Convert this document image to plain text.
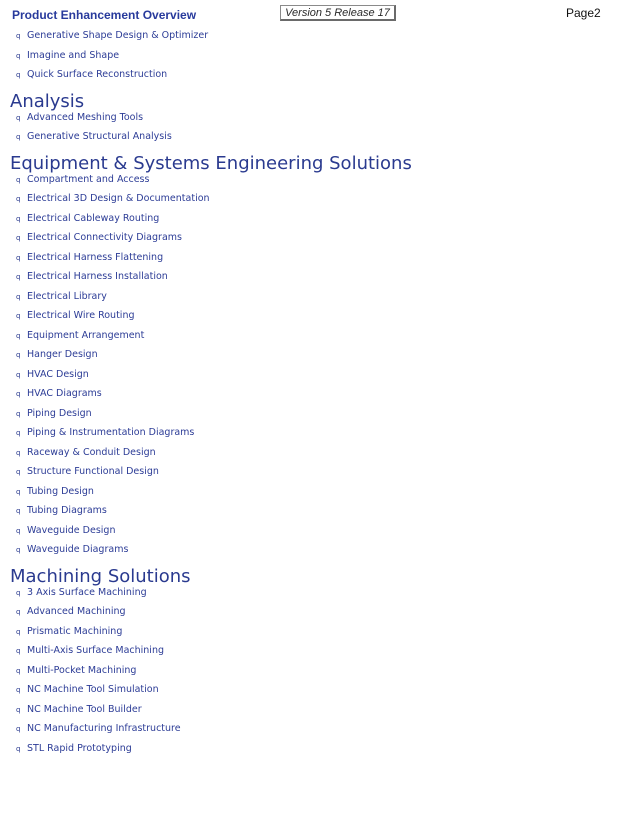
Product Enhancement Overview	Version 5 Release 17	Page2
q Generative Shape Design & Optimizer
q Imagine and Shape
q Quick Surface Reconstruction
Analysis
q Advanced Meshing Tools
q Generative Structural Analysis
Equipment & Systems Engineering Solutions
q Compartment and Access
q Electrical 3D Design & Documentation
q Electrical Cableway Routing
q Electrical Connectivity Diagrams
q Electrical Harness Flattening
q Electrical Harness Installation
q Electrical Library
q Electrical Wire Routing
q Equipment Arrangement
q Hanger Design
q HVAC Design
q HVAC Diagrams
q Piping Design
q Piping & Instrumentation Diagrams
q Raceway & Conduit Design
q Structure Functional Design
q Tubing Design
q Tubing Diagrams
q Waveguide Design
q Waveguide Diagrams
Machining Solutions
q 3 Axis Surface Machining
q Advanced Machining
q Prismatic Machining
q Multi-Axis Surface Machining
q Multi-Pocket Machining
q NC Machine Tool Simulation
q NC Machine Tool Builder
q NC Manufacturing Infrastructure
q STL Rapid Prototyping
